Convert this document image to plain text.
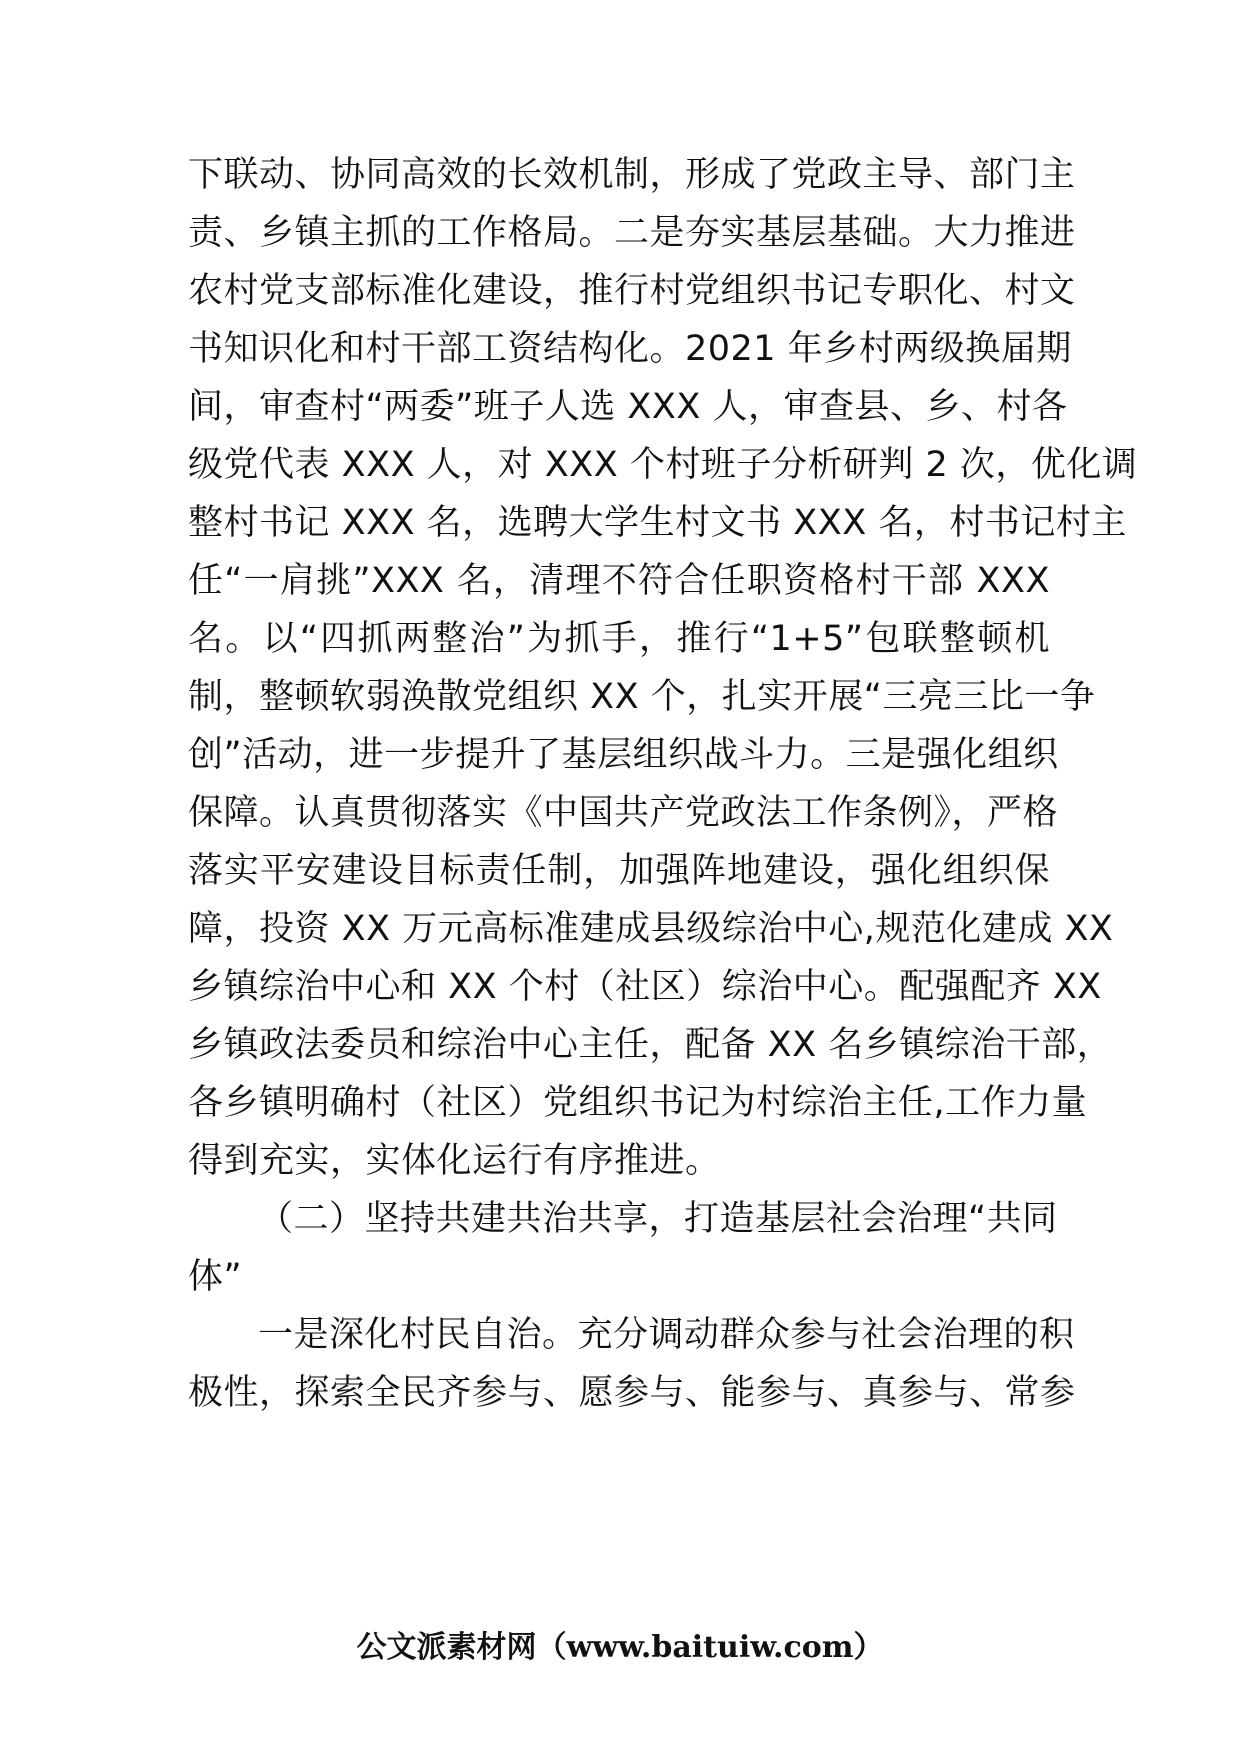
下联动、协同高效的长效机制，形成了党政主导、部门主
责、乡镇主抓的工作格局。二是夯实基层基础。大力推进
农村党支部标准化建设，推行村党组织书记专职化、村文
书知识化和村干部工资结构化。2021 年乡村两级换届期
间，审查村“两委”班子人选 XXX 人，审查县、乡、村各
级党代表 XXX 人，对 XXX 个村班子分析研判 2 次，优化调
整村书记 XXX 名，选聘大学生村文书 XXX 名，村书记村主
任“一肩挑”XXX 名，清理不符合任职资格村干部 XXX
名。以“四抓两整治”为抓手，推行“1+5”包联整顿机
制，整顿软弱涣散党组织 XX 个，扎实开展“三亮三比一争
创”活动，进一步提升了基层组织战斗力。三是强化组织
保障。认真贯彻落实《中国共产党政法工作条例》，严格
落实平安建设目标责任制，加强阵地建设，强化组织保
障，投资 XX 万元高标准建成县级综治中心,规范化建成 XX
乡镇综治中心和 XX 个村（社区）综治中心。配强配齐 XX
乡镇政法委员和综治中心主任，配备 XX 名乡镇综治干部，
各乡镇明确村（社区）党组织书记为村综治主任,工作力量
得到充实，实体化运行有序推进。
（二）坚持共建共治共享，打造基层社会治理“共同
体”
一是深化村民自治。充分调动群众参与社会治理的积
极性，探索全民齐参与、愿参与、能参与、真参与、常参
公文派素材网（www.baituiw.com）
